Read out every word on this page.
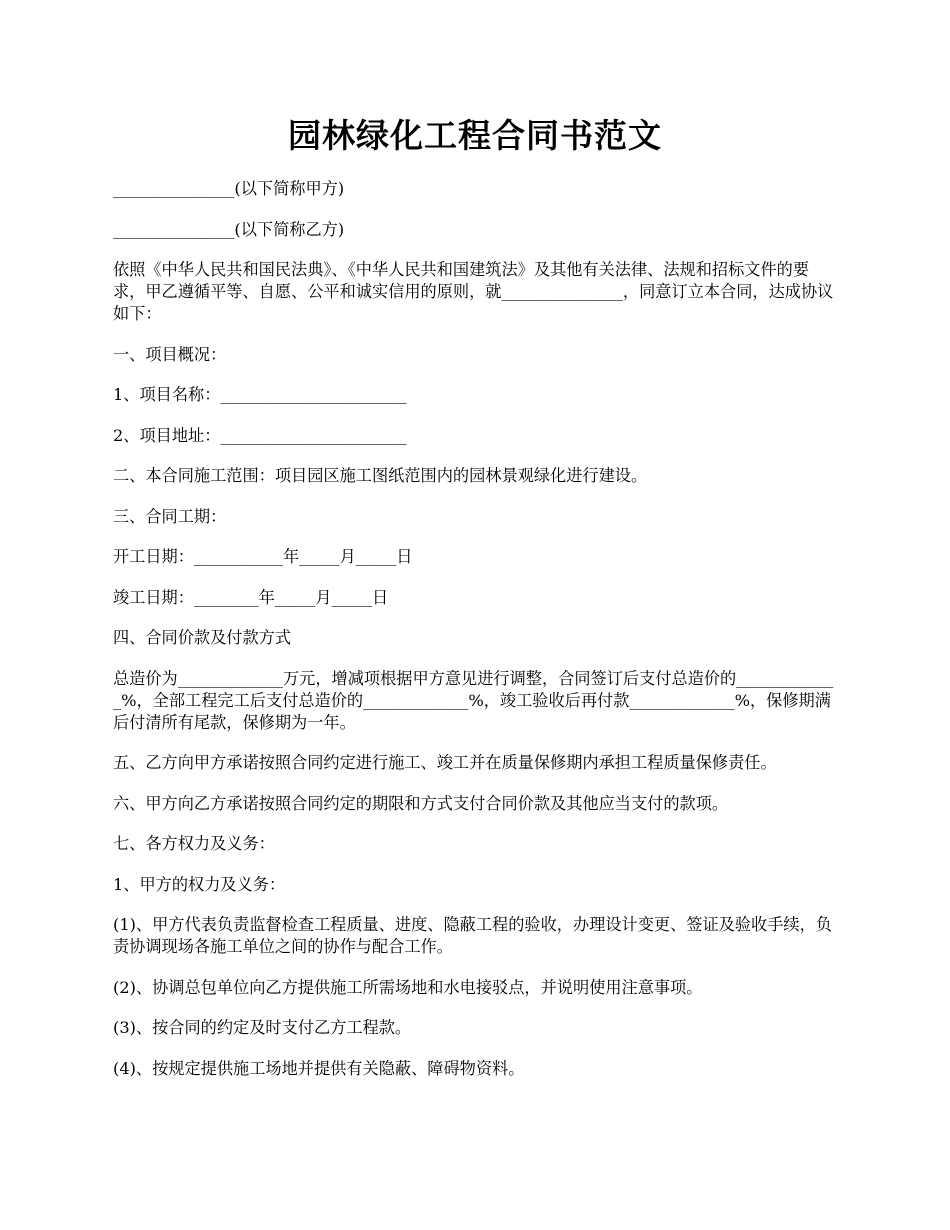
园林绿化工程合同书范文

_______________(以下简称甲方)

_______________(以下简称乙方)

依照《中华人民共和国民法典》、《中华人民共和国建筑法》及其他有关法律、法规和招标文件的要求，甲乙遵循平等、自愿、公平和诚实信用的原则，就_______________，同意订立本合同，达成协议如下：

一、项目概况：

1、项目名称：_______________________

2、项目地址：_______________________

二、本合同施工范围：项目园区施工图纸范围内的园林景观绿化进行建设。

三、合同工期：

开工日期：___________年_____月_____日

竣工日期：________年_____月_____日

四、合同价款及付款方式

总造价为_____________万元，增减项根据甲方意见进行调整，合同签订后支付总造价的_____________%，全部工程完工后支付总造价的_____________%，竣工验收后再付款_____________%，保修期满后付清所有尾款，保修期为一年。

五、乙方向甲方承诺按照合同约定进行施工、竣工并在质量保修期内承担工程质量保修责任。

六、甲方向乙方承诺按照合同约定的期限和方式支付合同价款及其他应当支付的款项。

七、各方权力及义务：

1、甲方的权力及义务：

(1)、甲方代表负责监督检查工程质量、进度、隐蔽工程的验收，办理设计变更、签证及验收手续，负责协调现场各施工单位之间的协作与配合工作。

(2)、协调总包单位向乙方提供施工所需场地和水电接驳点，并说明使用注意事项。

(3)、按合同的约定及时支付乙方工程款。

(4)、按规定提供施工场地并提供有关隐蔽、障碍物资料。
